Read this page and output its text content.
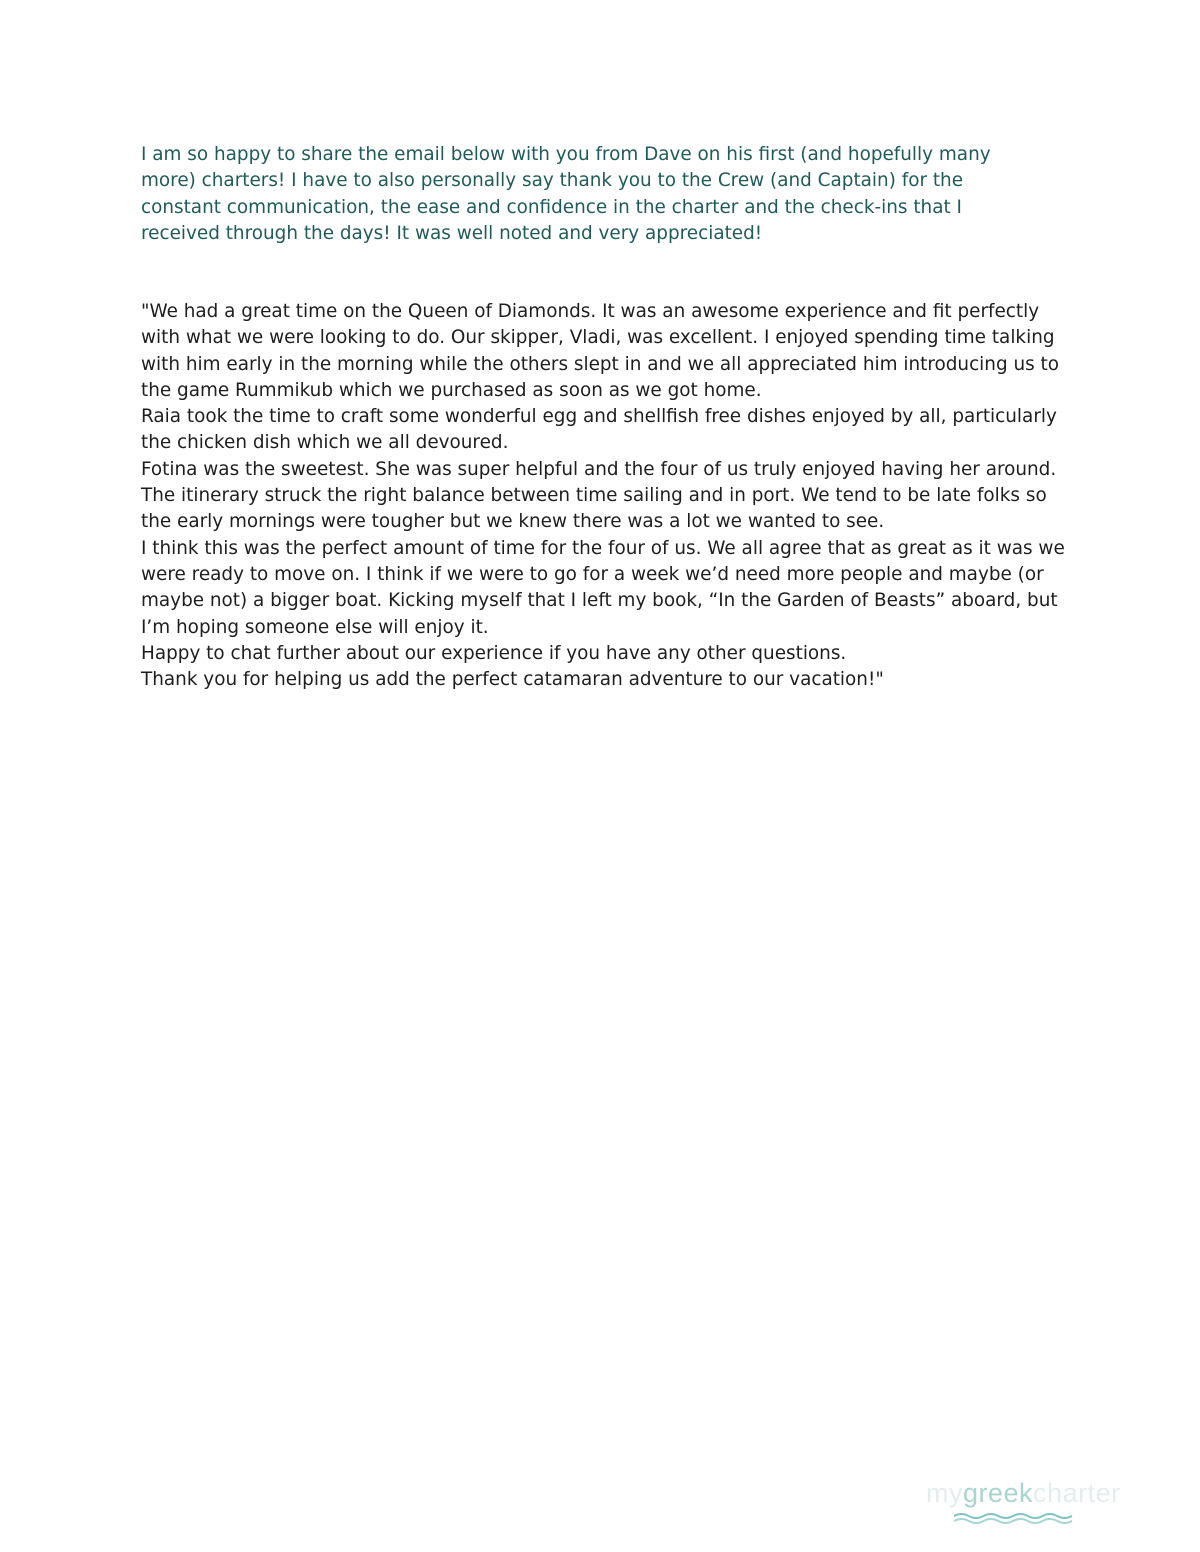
I am so happy to share the email below with you from Dave on his first (and hopefully many more) charters! I have to also personally say thank you to the Crew (and Captain) for the constant communication, the ease and confidence in the charter and the check-ins that I received through the days! It was well noted and very appreciated!

"We had a great time on the Queen of Diamonds. It was an awesome experience and fit perfectly with what we were looking to do. Our skipper, Vladi, was excellent. I enjoyed spending time talking with him early in the morning while the others slept in and we all appreciated him introducing us to the game Rummikub which we purchased as soon as we got home.

Raia took the time to craft some wonderful egg and shellfish free dishes enjoyed by all, particularly the chicken dish which we all devoured.

Fotina was the sweetest. She was super helpful and the four of us truly enjoyed having her around.

The itinerary struck the right balance between time sailing and in port. We tend to be late folks so the early mornings were tougher but we knew there was a lot we wanted to see.

I think this was the perfect amount of time for the four of us. We all agree that as great as it was we were ready to move on. I think if we were to go for a week we’d need more people and maybe (or maybe not) a bigger boat. Kicking myself that I left my book, “In the Garden of Beasts” aboard, but I’m hoping someone else will enjoy it.

Happy to chat further about our experience if you have any other questions.

Thank you for helping us add the perfect catamaran adventure to our vacation!"

mygreekcharter
